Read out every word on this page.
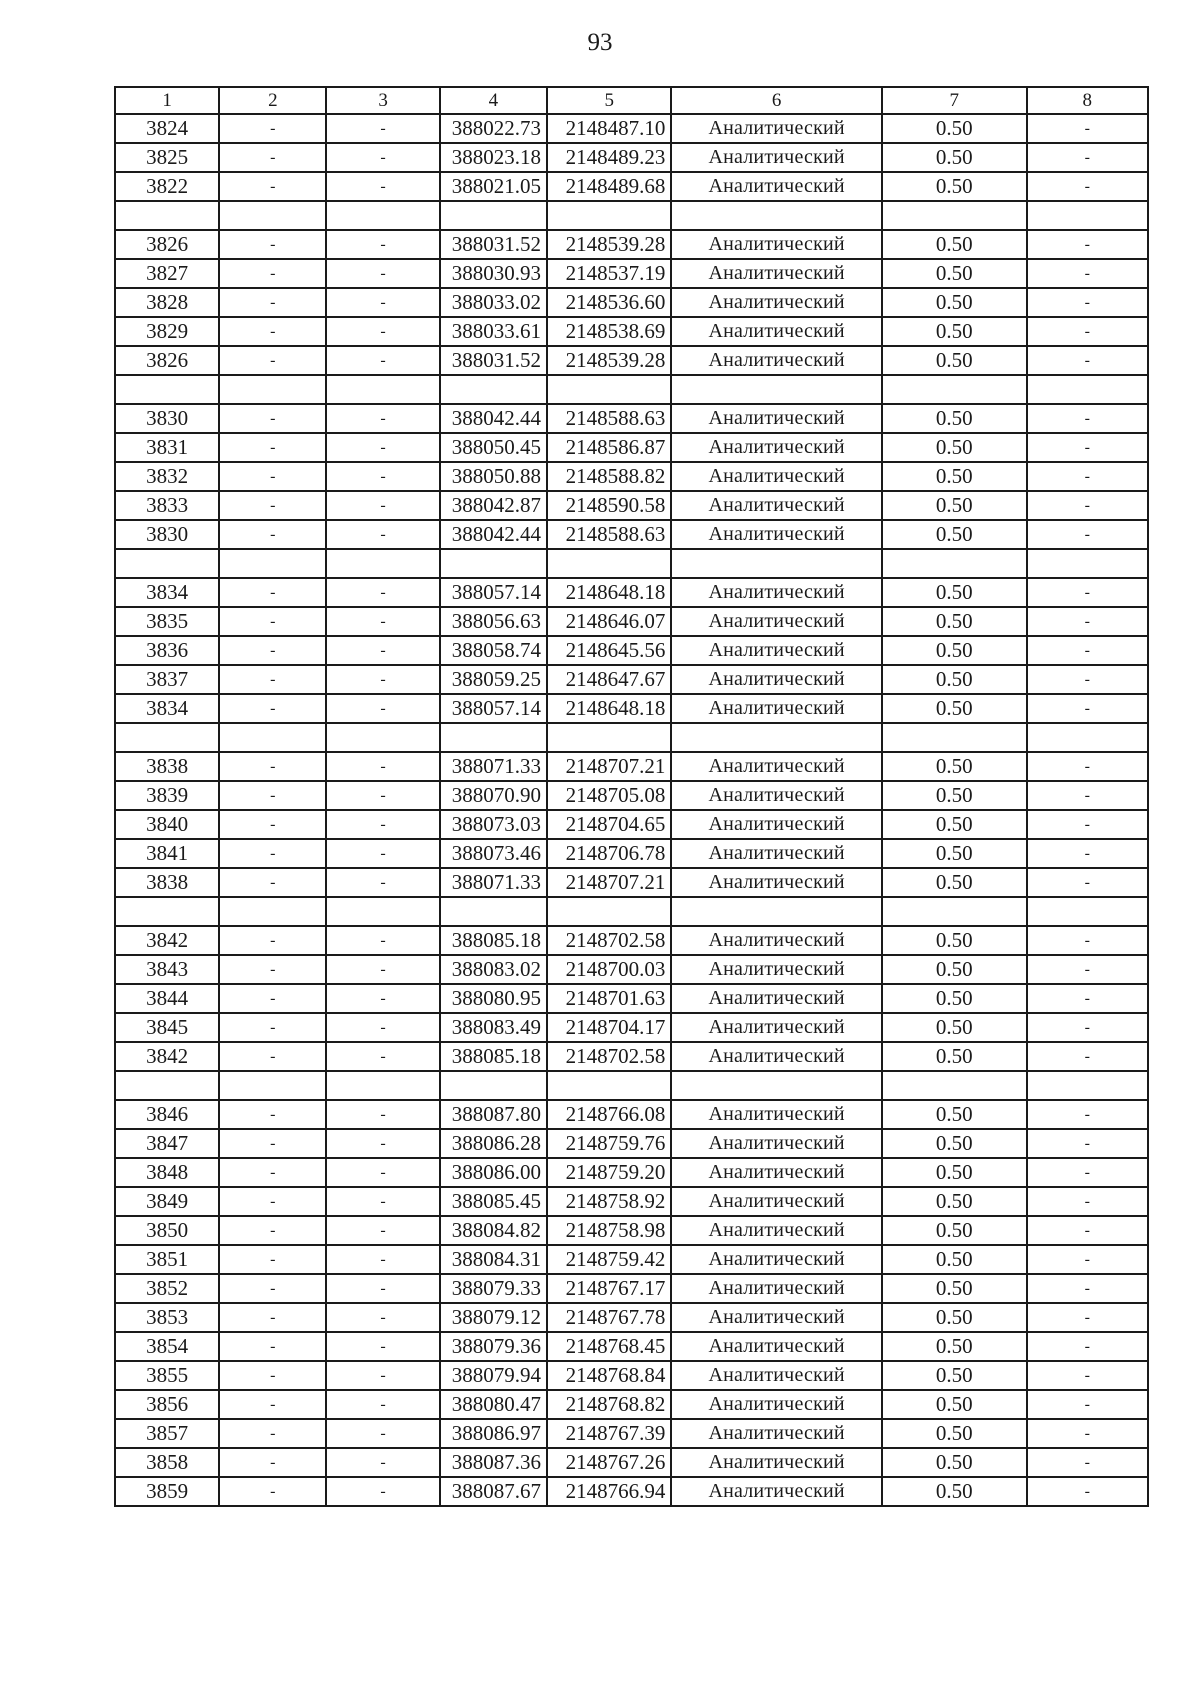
93
1	2	3	4	5	6	7	8
3824	-	-	388022.73	2148487.10	Аналитический	0.50	-
3825	-	-	388023.18	2148489.23	Аналитический	0.50	-
3822	-	-	388021.05	2148489.68	Аналитический	0.50	-

3826	-	-	388031.52	2148539.28	Аналитический	0.50	-
3827	-	-	388030.93	2148537.19	Аналитический	0.50	-
3828	-	-	388033.02	2148536.60	Аналитический	0.50	-
3829	-	-	388033.61	2148538.69	Аналитический	0.50	-
3826	-	-	388031.52	2148539.28	Аналитический	0.50	-

3830	-	-	388042.44	2148588.63	Аналитический	0.50	-
3831	-	-	388050.45	2148586.87	Аналитический	0.50	-
3832	-	-	388050.88	2148588.82	Аналитический	0.50	-
3833	-	-	388042.87	2148590.58	Аналитический	0.50	-
3830	-	-	388042.44	2148588.63	Аналитический	0.50	-

3834	-	-	388057.14	2148648.18	Аналитический	0.50	-
3835	-	-	388056.63	2148646.07	Аналитический	0.50	-
3836	-	-	388058.74	2148645.56	Аналитический	0.50	-
3837	-	-	388059.25	2148647.67	Аналитический	0.50	-
3834	-	-	388057.14	2148648.18	Аналитический	0.50	-

3838	-	-	388071.33	2148707.21	Аналитический	0.50	-
3839	-	-	388070.90	2148705.08	Аналитический	0.50	-
3840	-	-	388073.03	2148704.65	Аналитический	0.50	-
3841	-	-	388073.46	2148706.78	Аналитический	0.50	-
3838	-	-	388071.33	2148707.21	Аналитический	0.50	-

3842	-	-	388085.18	2148702.58	Аналитический	0.50	-
3843	-	-	388083.02	2148700.03	Аналитический	0.50	-
3844	-	-	388080.95	2148701.63	Аналитический	0.50	-
3845	-	-	388083.49	2148704.17	Аналитический	0.50	-
3842	-	-	388085.18	2148702.58	Аналитический	0.50	-

3846	-	-	388087.80	2148766.08	Аналитический	0.50	-
3847	-	-	388086.28	2148759.76	Аналитический	0.50	-
3848	-	-	388086.00	2148759.20	Аналитический	0.50	-
3849	-	-	388085.45	2148758.92	Аналитический	0.50	-
3850	-	-	388084.82	2148758.98	Аналитический	0.50	-
3851	-	-	388084.31	2148759.42	Аналитический	0.50	-
3852	-	-	388079.33	2148767.17	Аналитический	0.50	-
3853	-	-	388079.12	2148767.78	Аналитический	0.50	-
3854	-	-	388079.36	2148768.45	Аналитический	0.50	-
3855	-	-	388079.94	2148768.84	Аналитический	0.50	-
3856	-	-	388080.47	2148768.82	Аналитический	0.50	-
3857	-	-	388086.97	2148767.39	Аналитический	0.50	-
3858	-	-	388087.36	2148767.26	Аналитический	0.50	-
3859	-	-	388087.67	2148766.94	Аналитический	0.50	-
